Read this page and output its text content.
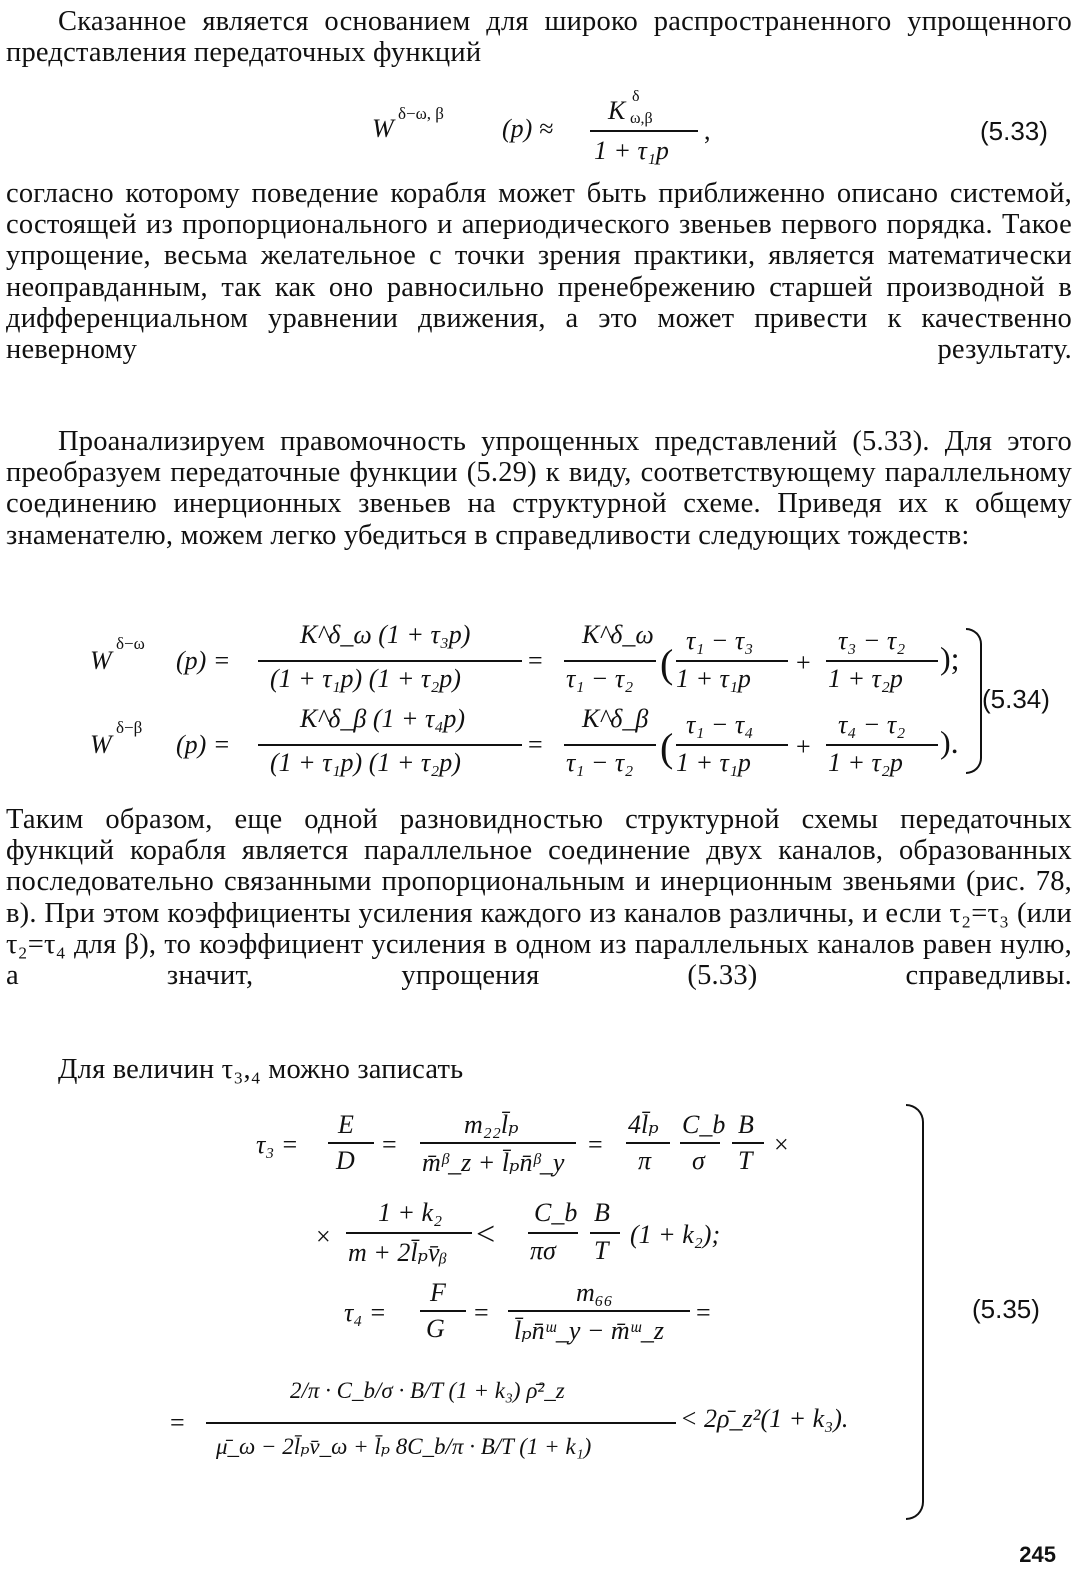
Сказанное является основанием для широко распространенного упрощенного представления передаточных функций

W
δ−ω, β
(p) ≈
K δ
ω,β
1 + τ₁p
,	(5.33)

согласно которому поведение корабля может быть приближенно описано системой, состоящей из пропорционального и апериодического звеньев первого порядка. Такое упрощение, весьма желательное с точки зрения практики, является математически неоправданным, так как оно равносильно пренебрежению старшей производной в дифференциальном уравнении движения, а это может привести к качественно неверному результату.

Проанализируем правомочность упрощенных представлений (5.33). Для этого преобразуем передаточные функции (5.29) к виду, соответствующему параллельному соединению инерционных звеньев на структурной схеме. Приведя их к общему знаменателю, можем легко убедиться в справедливости следующих тождеств:

W
δ−ω
(p) =
K^δ_ω (1 + τ₃p)
(1 + τ₁p) (1 + τ₂p)
=
K^δ_ω
τ₁ − τ₂ (
τ₁ − τ₃
1 + τ₁p
+
τ₃ − τ₂
1 + τ₂p
);
W
δ−β
(p) =
K^δ_β (1 + τ₄p)
(1 + τ₁p) (1 + τ₂p)
=
K^δ_β
τ₁ − τ₂ (
τ₁ − τ₄
1 + τ₁p
+
τ₄ − τ₂
1 + τ₂p
).
(5.34)

Таким образом, еще одной разновидностью структурной схемы передаточных функций корабля является параллельное соединение двух каналов, образованных последовательно связанными пропорциональным и инерционным звеньями (рис. 78, в). При этом коэффициенты усиления каждого из каналов различны, и если τ₂=τ₃ (или τ₂=τ₄ для β), то коэффициент усиления в одном из параллельных каналов равен нулю, а значит, упрощения (5.33) справедливы.

Для величин τ₃,₄ можно записать

τ₃ =
E
D
=
m₂₂l̄ₚ
m̄ᵝ_z + l̄ₚn̄ᵝ_y
=
4l̄ₚ
π
C_b
σ
B
T
×
×
1 + k₂
m + 2l̄ₚv̄ᵦ <
C_b
πσ
B
T
(1 + k₂);
τ₄ =
F
G
=
m₆₆
l̄ₚn̄ᵚ_y − m̄ᵚ_z
=
=
2/π · C_b/σ · B/T (1 + k₃) ρ̄²_z
μ̄_ω − 2l̄ₚv̄_ω + l̄ₚ 8C_b/π · B/T (1 + k₁)
< 2ρ̄_z²(1 + k₃).
(5.35)
245
